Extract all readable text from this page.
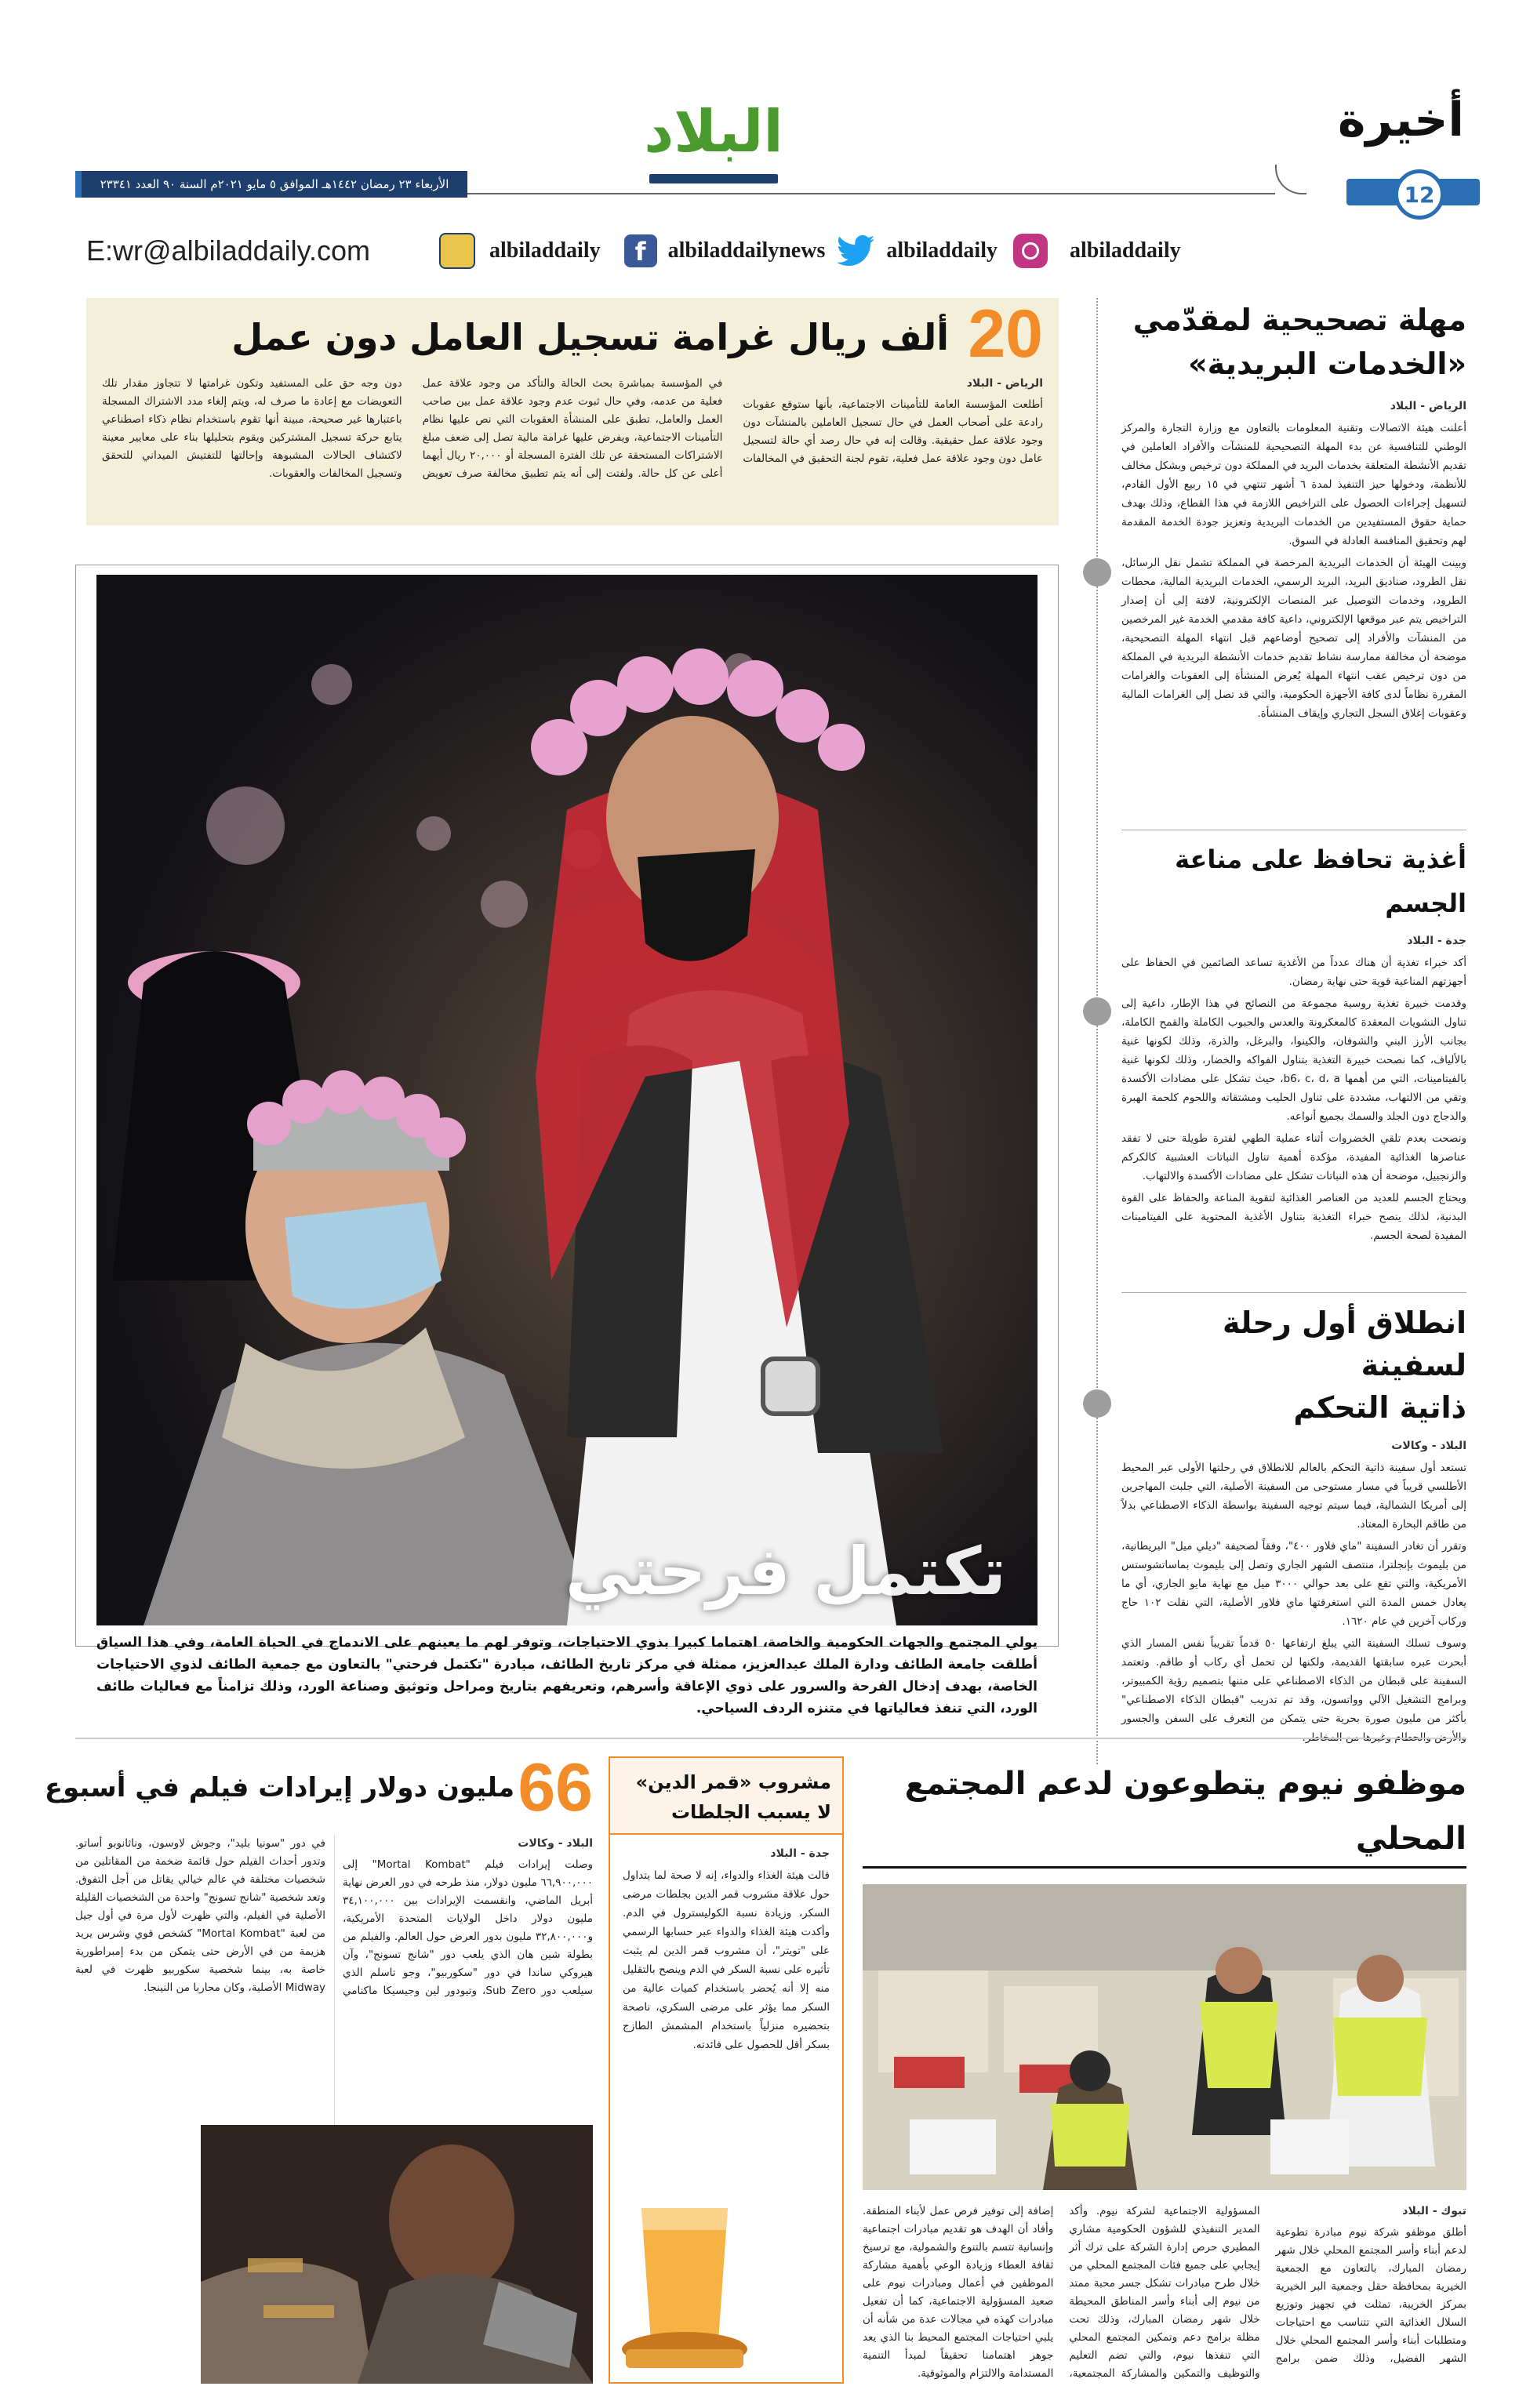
أخيرة
12
البلاد
الأربعاء ٢٣ رمضان ١٤٤٢هـ الموافق ٥ مايو ٢٠٢١م السنة ٩٠ العدد ٢٣٣٤١
E:wr@albiladdaily.com	albiladdaily	f	albiladdailynews	albiladdaily	albiladdaily
مهلة تصحيحية لمقدّمي
«الخدمات البريدية»
الرياض - البلاد

أعلنت هيئة الاتصالات وتقنية المعلومات بالتعاون مع وزارة التجارة والمركز الوطني للتنافسية عن بدء المهلة التصحيحية للمنشآت والأفراد العاملين في تقديم الأنشطة المتعلقة بخدمات البريد في المملكة دون ترخيص وبشكل مخالف للأنظمة، ودخولها حيز التنفيذ لمدة ٦ أشهر تنتهي في ١٥ ربيع الأول القادم، لتسهيل إجراءات الحصول على التراخيص اللازمة في هذا القطاع، وذلك بهدف حماية حقوق المستفيدين من الخدمات البريدية وتعزيز جودة الخدمة المقدمة لهم وتحقيق المنافسة العادلة في السوق.

وبينت الهيئة أن الخدمات البريدية المرخصة في المملكة تشمل نقل الرسائل، نقل الطرود، صناديق البريد، البريد الرسمي، الخدمات البريدية المالية، محطات الطرود، وخدمات التوصيل عبر المنصات الإلكترونية، لافتة إلى أن إصدار التراخيص يتم عبر موقعها الإلكتروني، داعية كافة مقدمي الخدمة غير المرخصين من المنشآت والأفراد إلى تصحيح أوضاعهم قبل انتهاء المهلة التصحيحية، موضحة أن مخالفة ممارسة نشاط تقديم خدمات الأنشطة البريدية في المملكة من دون ترخيص عقب انتهاء المهلة يُعرض المنشأة إلى العقوبات والغرامات المقررة نظاماً لدى كافة الأجهزة الحكومية، والتي قد تصل إلى الغرامات المالية وعقوبات إغلاق السجل التجاري وإيقاف المنشأة.

أغذية تحافظ على مناعة الجسم
جدة - البلاد

أكد خبراء تغذية أن هناك عدداً من الأغذية تساعد الصائمين في الحفاظ على أجهزتهم المناعية قوية حتى نهاية رمضان.

وقدمت خبيرة تغذية روسية مجموعة من النصائح في هذا الإطار، داعية إلى تناول النشويات المعقدة كالمعكرونة والعدس والحبوب الكاملة والقمح الكاملة، بجانب الأرز البني والشوفان، والكينوا، والبرغل، والذرة، وذلك لكونها غنية بالألياف، كما نصحت خبيرة التغذية بتناول الفواكه والخضار، وذلك لكونها غنية بالفيتامينات، التي من أهمها b6، c، d، a، حيث تشكل على مضادات الأكسدة وتقي من الالتهاب، مشددة على تناول الحليب ومشتقاته واللحوم كلحمة الهبرة والدجاج دون الجلد والسمك بجميع أنواعه.

ونصحت بعدم تلقي الخضروات أثناء عملية الطهي لفترة طويلة حتى لا تفقد عناصرها الغذائية المفيدة، مؤكدة أهمية تناول النباتات العشبية كالكركم والزنجبيل، موضحة أن هذه النباتات تشكل على مضادات الأكسدة والالتهاب.

ويحتاج الجسم للعديد من العناصر الغذائية لتقوية المناعة والحفاظ على القوة البدنية، لذلك ينصح خبراء التغذية بتناول الأغذية المحتوية على الفيتامينات المفيدة لصحة الجسم.

انطلاق أول رحلة لسفينة
ذاتية التحكم
البلاد - وكالات

تستعد أول سفينة ذاتية التحكم بالعالم للانطلاق في رحلتها الأولى عبر المحيط الأطلسي قريباً في مسار مستوحى من السفينة الأصلية، التي جلبت المهاجرين إلى أمريكا الشمالية، فيما سيتم توجيه السفينة بواسطة الذكاء الاصطناعي بدلاً من طاقم البحارة المعتاد.

وتقرر أن تغادر السفينة "ماي فلاور ٤٠٠"، وفقاً لصحيفة "ديلي ميل" البريطانية، من بليموث بإنجلترا، منتصف الشهر الجاري وتصل إلى بليموث بماساتشوستس الأمريكية، والتي تقع على بعد حوالي ٣٠٠٠ ميل مع نهاية مايو الجاري، أي ما يعادل خمس المدة التي استغرقتها ماي فلاور الأصلية، التي نقلت ١٠٢ حاج وركاب آخرين في عام ١٦٢٠.

وسوف تسلك السفينة التي يبلغ ارتفاعها ٥٠ قدماً تقريباً نفس المسار الذي أبحرت عبره سابقتها القديمة، ولكنها لن تحمل أي ركاب أو طاقم. وتعتمد السفينة على قبطان من الذكاء الاصطناعي على متنها بتصميم رؤية الكمبيوتر، وبرامج التشغيل الآلي وواتسون، وقد تم تدريب "قبطان الذكاء الاصطناعي" بأكثر من مليون صورة بحرية حتى يتمكن من التعرف على السفن والجسور والأرض والحطام وغيرها من المخاطر.

20
ألف ريال غرامة تسجيل العامل دون عمل
الرياض - البلاد
أطلعت المؤسسة العامة للتأمينات الاجتماعية، بأنها ستوقع عقوبات رادعة على أصحاب العمل في حال تسجيل العاملين بالمنشآت دون وجود علاقة عمل حقيقية. وقالت إنه في حال رصد أي حالة لتسجيل عامل دون وجود علاقة عمل فعلية، تقوم لجنة التحقيق في المخالفات في المؤسسة بمباشرة بحث الحالة والتأكد من وجود علاقة عمل فعلية من عدمه، وفي حال ثبوت عدم وجود علاقة عمل بين صاحب العمل والعامل، تطبق على المنشأة العقوبات التي نص عليها نظام التأمينات الاجتماعية، ويفرض عليها غرامة مالية تصل إلى ضعف مبلغ الاشتراكات المستحقة عن تلك الفترة المسجلة أو ٢٠,٠٠٠ ريال أيهما أعلى عن كل حالة. ولفتت إلى أنه يتم تطبيق مخالفة صرف تعويض دون وجه حق على المستفيد وتكون غرامتها لا تتجاوز مقدار تلك التعويضات مع إعادة ما صرف له، ويتم إلغاء مدد الاشتراك المسجلة باعتبارها غير صحيحة، مبينة أنها تقوم باستخدام نظام ذكاء اصطناعي يتابع حركة تسجيل المشتركين ويقوم بتحليلها بناء على معايير معينة لاكتشاف الحالات المشبوهة وإحالتها للتفتيش الميداني للتحقق وتسجيل المخالفات والعقوبات.
تكتمل فرحتي
يولي المجتمع والجهات الحكومية والخاصة، اهتماما كبيرا بذوي الاحتياجات، وتوفر لهم ما يعينهم على الاندماج في الحياة العامة، وفي هذا السياق أطلقت جامعة الطائف ودارة الملك عبدالعزيز، ممثلة في مركز تاريخ الطائف، مبادرة "تكتمل فرحتي" بالتعاون مع جمعية الطائف لذوي الاحتياجات الخاصة، بهدف إدخال الفرحة والسرور على ذوي الإعاقة وأسرهم، وتعريفهم بتاريخ ومراحل وتوثيق وصناعة الورد، وذلك تزامناً مع فعاليات طائف الورد، التي تنفذ فعالياتها في متنزه الردف السياحي.
موظفو نيوم يتطوعون لدعم المجتمع المحلي
تبوك - البلاد
أطلق موظفو شركة نيوم مبادرة تطوعية لدعم أبناء وأسر المجتمع المحلي خلال شهر رمضان المبارك، بالتعاون مع الجمعية الخيرية بمحافظة حقل وجمعية البر الخيرية بمركز الخريبة، تمثلت في تجهيز وتوزيع السلال الغذائية التي تتناسب مع احتياجات ومتطلبات أبناء وأسر المجتمع المحلي خلال الشهر الفضيل، وذلك ضمن برامج المسؤولية الاجتماعية لشركة نيوم. وأكد المدير التنفيذي للشؤون الحكومية مشاري المطيري حرص إدارة الشركة على ترك أثر إيجابي على جميع فئات المجتمع المحلي من خلال طرح مبادرات تشكل جسر محبة ممتد من نيوم إلى أبناء وأسر المناطق المحيطة خلال شهر رمضان المبارك، وذلك تحت مظلة برامج دعم وتمكين المجتمع المحلي التي تنفذها نيوم، والتي تضم التعليم والتوظيف والتمكين والمشاركة المجتمعية، إضافة إلى توفير فرص عمل لأبناء المنطقة. وأفاد أن الهدف هو تقديم مبادرات اجتماعية وإنسانية تتسم بالتنوع والشمولية، مع ترسيخ ثقافة العطاء وزيادة الوعي بأهمية مشاركة الموظفين في أعمال ومبادرات نيوم على صعيد المسؤولية الاجتماعية، كما أن تفعيل مبادرات كهذه في مجالات عدة من شأنه أن يلبي احتياجات المجتمع المحيط بنا الذي يعد جوهر اهتمامنا تحقيقاً لمبدأ التنمية المستدامة والالتزام والموثوقية.
مشروب «قمر الدين»
لا يسبب الجلطات
جدة - البلاد

قالت هيئة الغذاء والدواء، إنه لا صحة لما يتداول حول علاقة مشروب قمر الدين بجلطات مرضى السكر، وزيادة نسبة الكوليسترول في الدم. وأكدت هيئة الغذاء والدواء عبر حسابها الرسمي على "تويتر"، أن مشروب قمر الدين لم يثبت تأثيره على نسبة السكر في الدم وينصح بالتقليل منه إلا أنه يُحضر باستخدام كميات عالية من السكر مما يؤثر على مرضى السكري، ناصحة بتحضيره منزلياً باستخدام المشمش الطازج بسكر أقل للحصول على فائدته.

66
مليون دولار إيرادات فيلم في أسبوع
البلاد - وكالات
وصلت إيرادات فيلم "Mortal Kombat" إلى ٦٦,٩٠٠,٠٠٠ مليون دولار، منذ طرحه في دور العرض نهاية أبريل الماضي، وانقسمت الإيرادات بين ٣٤,١٠٠,٠٠٠ مليون دولار داخل الولايات المتحدة الأمريكية، و٣٢,٨٠٠,٠٠٠ مليون بدور العرض حول العالم. والفيلم من بطولة شين هان الذي يلعب دور "شانج تسونج"، وآن هيروكي ساندا في دور "سكوربيو"، وجو تاسلم الذي سيلعب دور Sub Zero، وتيودور لين وجيسيكا ماكنامي في دور "سونيا بليد"، وجوش لاوسون، وناثانوبو أساتو. وتدور أحداث الفيلم حول قائمة ضخمة من المقاتلين من شخصيات مختلفة في عالم خيالي يقاتل من أجل التفوق. وتعد شخصية "شانج تسونج" واحدة من الشخصيات القليلة الأصلية في الفيلم، والتي ظهرت لأول مرة في أول جيل من لعبة "Mortal Kombat" كشخص قوي وشرس يريد هزيمة من في الأرض حتى يتمكن من بدء إمبراطورية خاصة به، بينما شخصية سكوربيو ظهرت في لعبة Midway الأصلية، وكان محاربا من النينجا.
